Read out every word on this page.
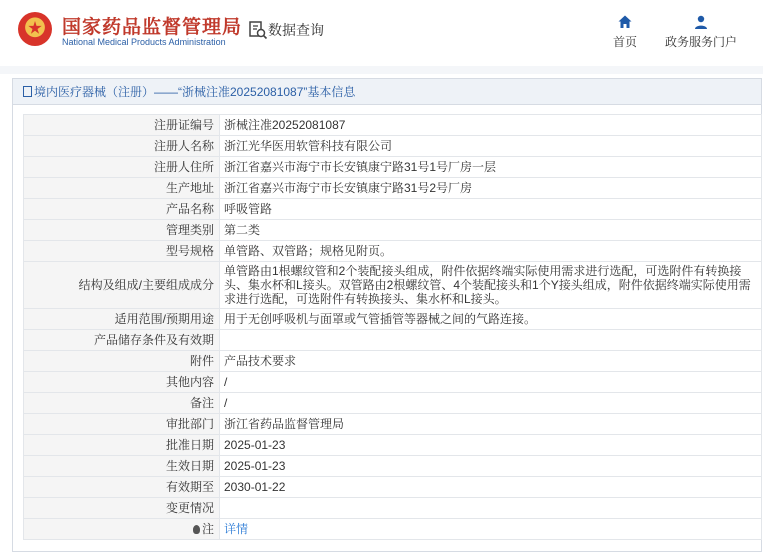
国家药品监督管理局
National Medical Products Administration
数据查询
首页	政务服务门户
境内医疗器械（注册）——“浙械注准20252081087”基本信息
注册证编号	浙械注准20252081087
注册人名称	浙江光华医用软管科技有限公司
注册人住所	浙江省嘉兴市海宁市长安镇康宁路31号1号厂房一层
生产地址	浙江省嘉兴市海宁市长安镇康宁路31号2号厂房
产品名称	呼吸管路
管理类别	第二类
型号规格	单管路、双管路；规格见附页。
结构及组成/主要组成成分	单管路由1根螺纹管和2个装配接头组成，附件依据终端实际使用需求进行选配，可选附件有转换接头、集水杯和L接头。双管路由2根螺纹管、4个装配接头和1个Y接头组成，附件依据终端实际使用需求进行选配，可选附件有转换接头、集水杯和L接头。
适用范围/预期用途	用于无创呼吸机与面罩或气管插管等器械之间的气路连接。
产品储存条件及有效期	
附件	产品技术要求
其他内容	/
备注	/
审批部门	浙江省药品监督管理局
批准日期	2025-01-23
生效日期	2025-01-23
有效期至	2030-01-22
变更情况	
注	详情
